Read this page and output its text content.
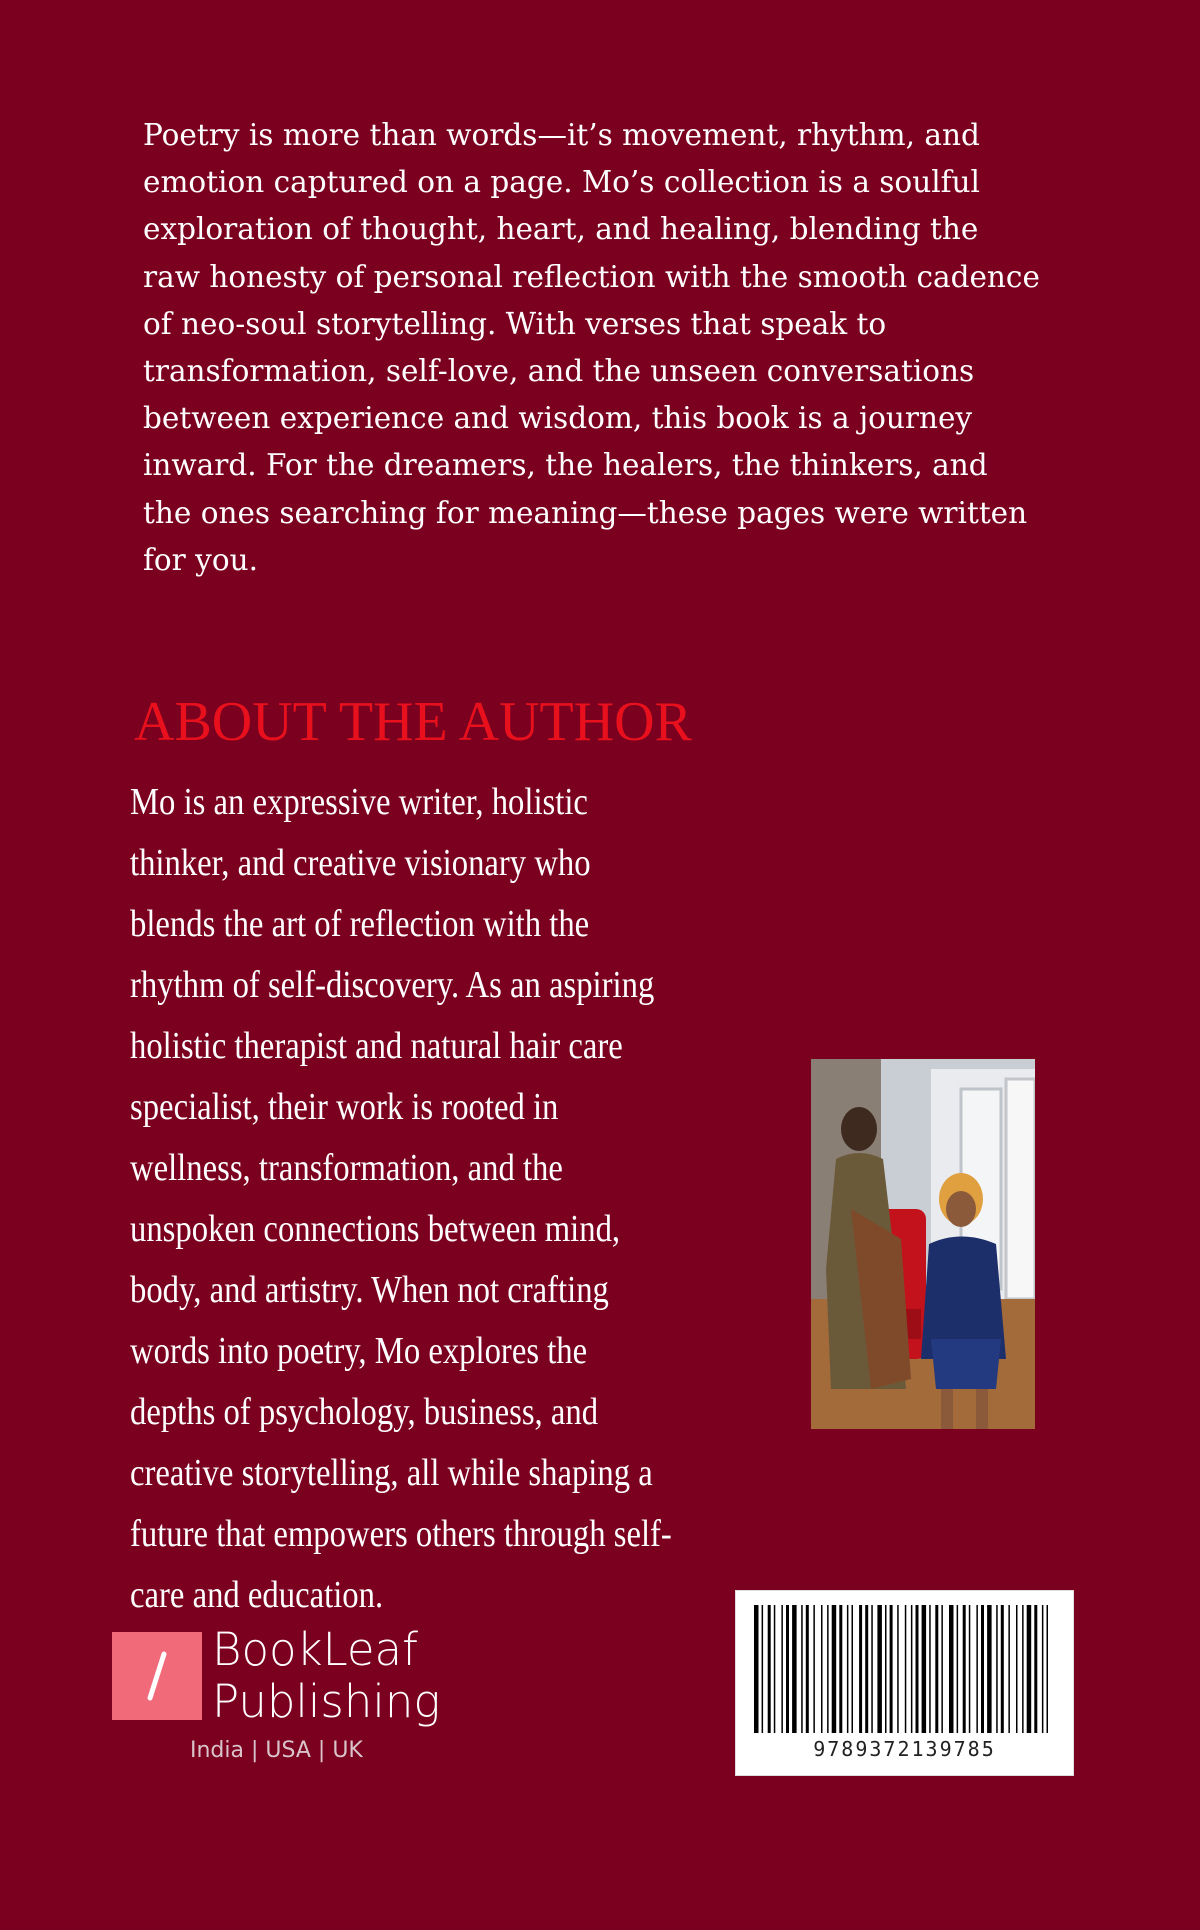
Poetry is more than words—it’s movement, rhythm, and emotion captured on a page. Mo’s collection is a soulful exploration of thought, heart, and healing, blending the raw honesty of personal reflection with the smooth cadence of neo-soul storytelling. With verses that speak to transformation, self-love, and the unseen conversations between experience and wisdom, this book is a journey inward. For the dreamers, the healers, the thinkers, and the ones searching for meaning—these pages were written for you.

ABOUT THE AUTHOR

Mo is an expressive writer, holistic thinker, and creative visionary who blends the art of reflection with the rhythm of self-discovery. As an aspiring holistic therapist and natural hair care specialist, their work is rooted in wellness, transformation, and the unspoken connections between mind, body, and artistry. When not crafting words into poetry, Mo explores the depths of psychology, business, and creative storytelling, all while shaping a future that empowers others through self-care and education.

BookLeaf
Publishing
India | USA | UK	9789372139785
